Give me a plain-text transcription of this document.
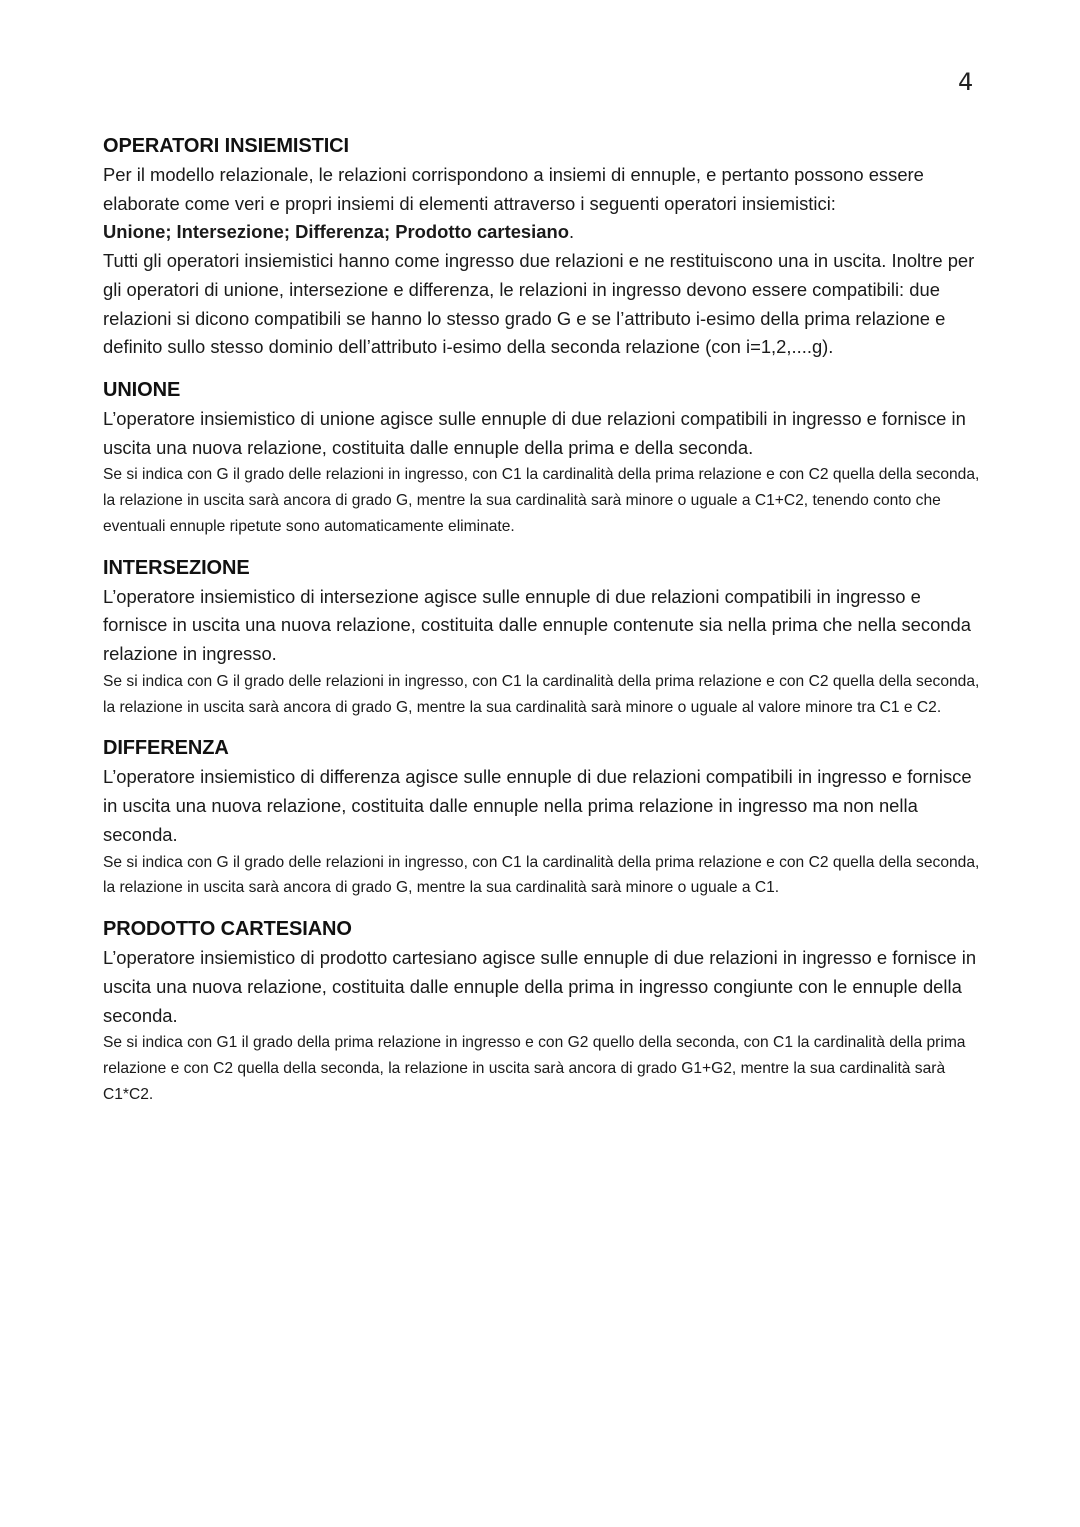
4
OPERATORI INSIEMISTICI

Per il modello relazionale, le relazioni corrispondono a insiemi di ennuple, e pertanto possono essere elaborate come veri e propri insiemi di elementi attraverso i seguenti operatori insiemistici:
Unione; Intersezione; Differenza; Prodotto cartesiano.

Tutti gli operatori insiemistici hanno come ingresso due relazioni e ne restituiscono una in uscita. Inoltre per gli operatori di unione, intersezione e differenza, le relazioni in ingresso devono essere compatibili: due relazioni si dicono compatibili se hanno lo stesso grado G e se l’attributo i-esimo della prima relazione e definito sullo stesso dominio dell’attributo i-esimo della seconda relazione (con i=1,2,....g).

UNIONE

L’operatore insiemistico di unione agisce sulle ennuple di due relazioni compatibili in ingresso e fornisce in uscita una nuova relazione, costituita dalle ennuple della prima e della seconda.

Se si indica con G il grado delle relazioni in ingresso, con C1 la cardinalità della prima relazione e con C2 quella della seconda, la relazione in uscita sarà ancora di grado G, mentre la sua cardinalità sarà minore o uguale a C1+C2, tenendo conto che eventuali ennuple ripetute sono automaticamente eliminate.

INTERSEZIONE

L’operatore insiemistico di intersezione agisce sulle ennuple di due relazioni compatibili in ingresso e fornisce in uscita una nuova relazione, costituita dalle ennuple contenute sia nella prima che nella seconda relazione in ingresso.

Se si indica con G il grado delle relazioni in ingresso, con C1 la cardinalità della prima relazione e con C2 quella della seconda, la relazione in uscita sarà ancora di grado G, mentre la sua cardinalità sarà minore o uguale al valore minore tra C1 e C2.

DIFFERENZA

L’operatore insiemistico di differenza agisce sulle ennuple di due relazioni compatibili in ingresso e fornisce in uscita una nuova relazione, costituita dalle ennuple nella prima relazione in ingresso ma non nella seconda.

Se si indica con G il grado delle relazioni in ingresso, con C1 la cardinalità della prima relazione e con C2 quella della seconda, la relazione in uscita sarà ancora di grado G, mentre la sua cardinalità sarà minore o uguale a C1.

PRODOTTO CARTESIANO

L’operatore insiemistico di prodotto cartesiano agisce sulle ennuple di due relazioni in ingresso e fornisce in uscita una nuova relazione, costituita dalle ennuple della prima in ingresso congiunte con le ennuple della seconda.

Se si indica con G1 il grado della prima relazione in ingresso e con G2 quello della seconda, con C1 la cardinalità della prima relazione e con C2 quella della seconda, la relazione in uscita sarà ancora di grado G1+G2, mentre la sua cardinalità sarà C1*C2.
